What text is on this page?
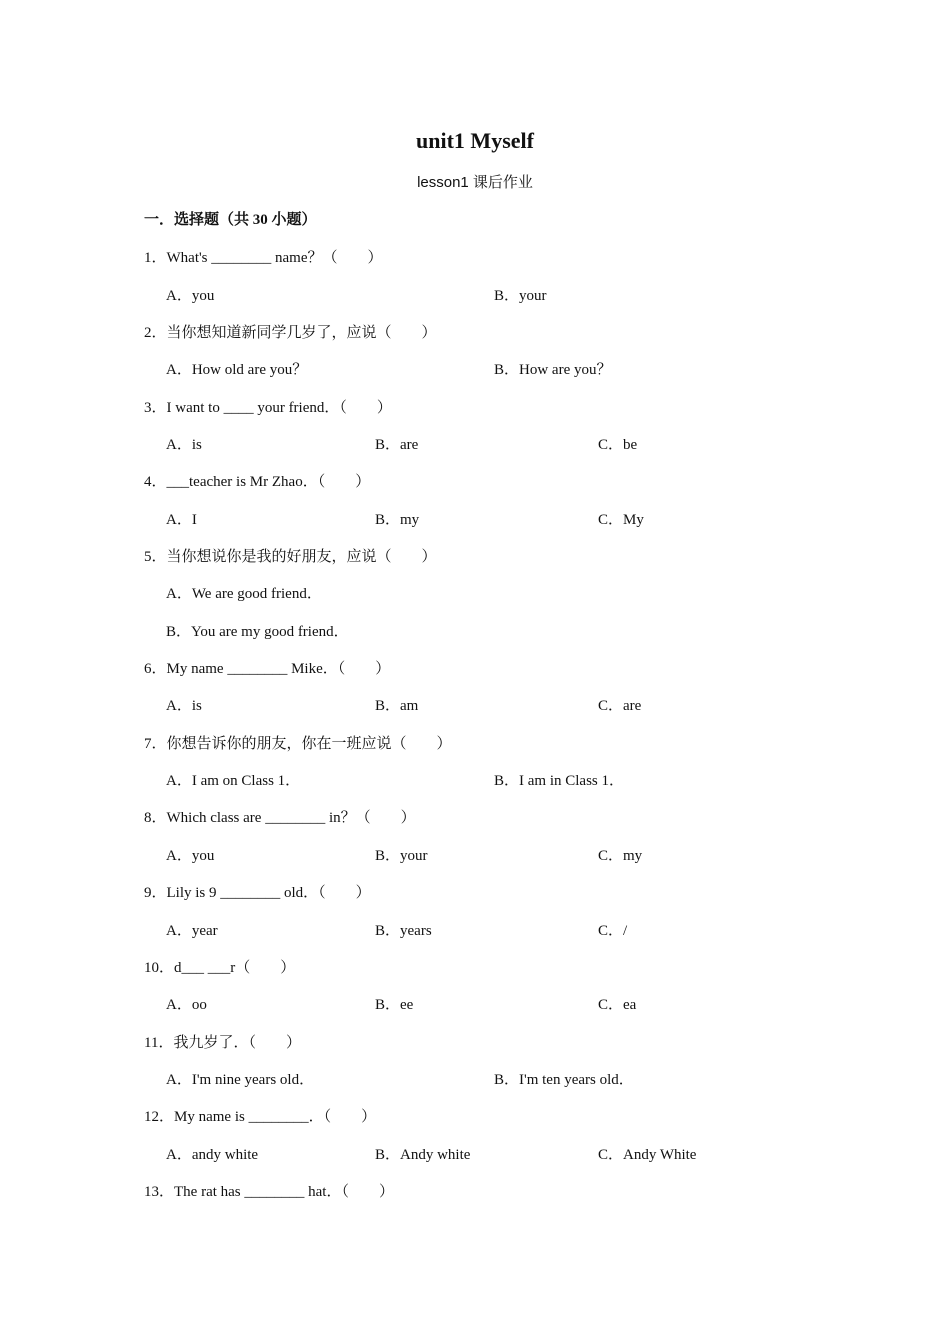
unit1 Myself
lesson1 课后作业
一．选择题（共 30 小题）
1．What's ________ name？（　　）
A．you	B．your
2．当你想知道新同学几岁了，应说（　　）
A．How old are you？	B．How are you？
3．I want to ____ your friend．（　　）
A．is	B．are	C．be
4．___teacher is Mr Zhao．（　　）
A．I	B．my	C．My
5．当你想说你是我的好朋友，应说（　　）
A．We are good friend．
B．You are my good friend．
6．My name ________ Mike．（　　）
A．is	B．am	C．are
7．你想告诉你的朋友，你在一班应说（　　）
A．I am on Class 1．	B．I am in Class 1．
8．Which class are ________ in？（　　）
A．you	B．your	C．my
9．Lily is 9 ________ old．（　　）
A．year	B．years	C．/
10．d___ ___r（　　）
A．oo	B．ee	C．ea
11．我九岁了．（　　）
A．I'm nine years old．	B．I'm ten years old．
12．My name is ________．（　　）
A．andy white	B．Andy white	C．Andy White
13．The rat has ________ hat．（　　）
